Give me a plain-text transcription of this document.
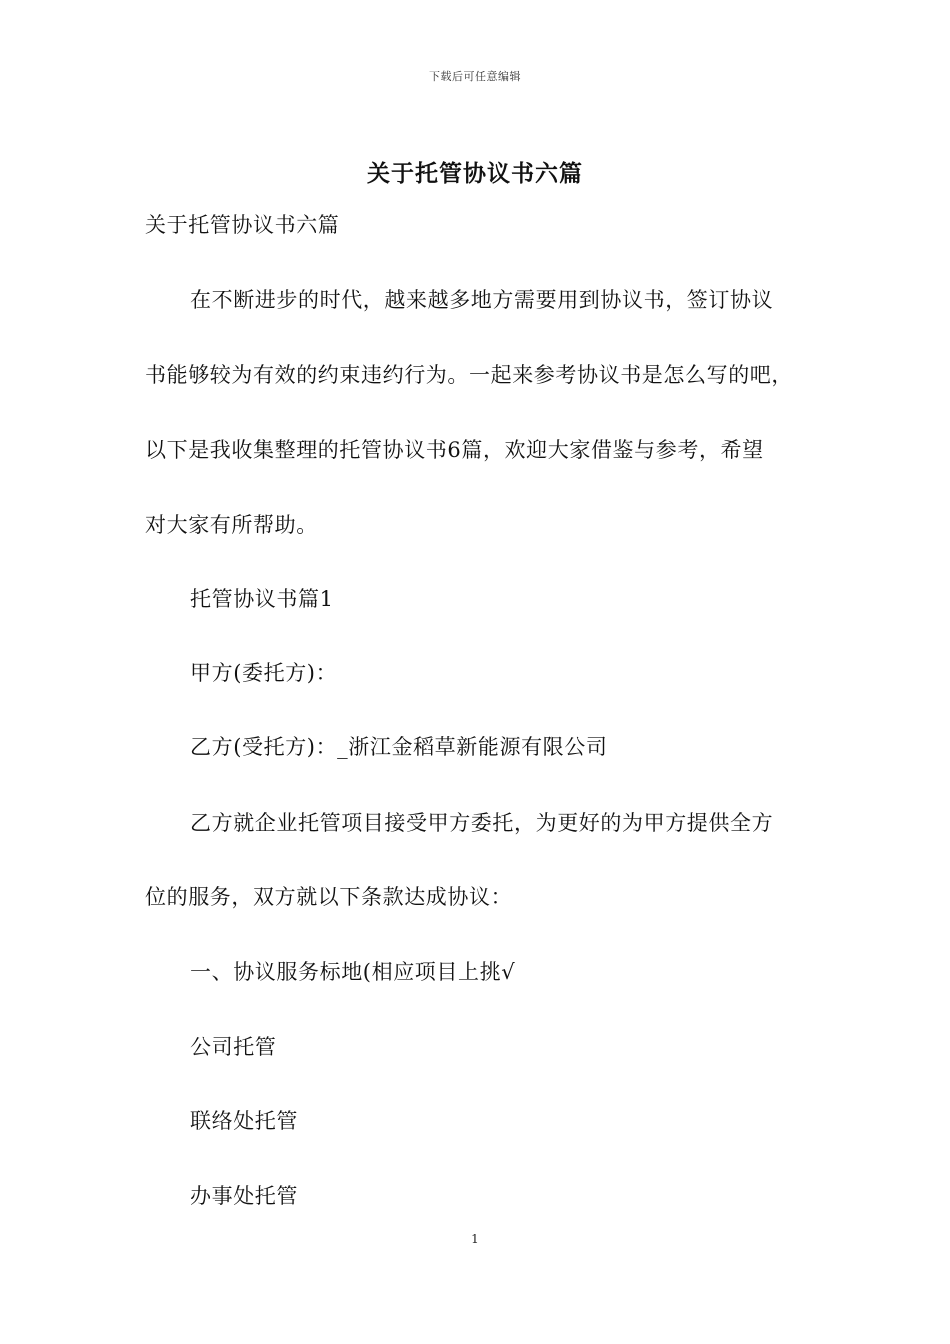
下载后可任意编辑
关于托管协议书六篇
关于托管协议书六篇
在不断进步的时代，越来越多地方需要用到协议书，签订协议
书能够较为有效的约束违约行为。一起来参考协议书是怎么写的吧，
以下是我收集整理的托管协议书6篇，欢迎大家借鉴与参考，希望
对大家有所帮助。
托管协议书篇1
甲方(委托方)：
乙方(受托方)：_浙江金稻草新能源有限公司
乙方就企业托管项目接受甲方委托，为更好的为甲方提供全方
位的服务，双方就以下条款达成协议：
一、协议服务标地(相应项目上挑√
公司托管
联络处托管
办事处托管
1
